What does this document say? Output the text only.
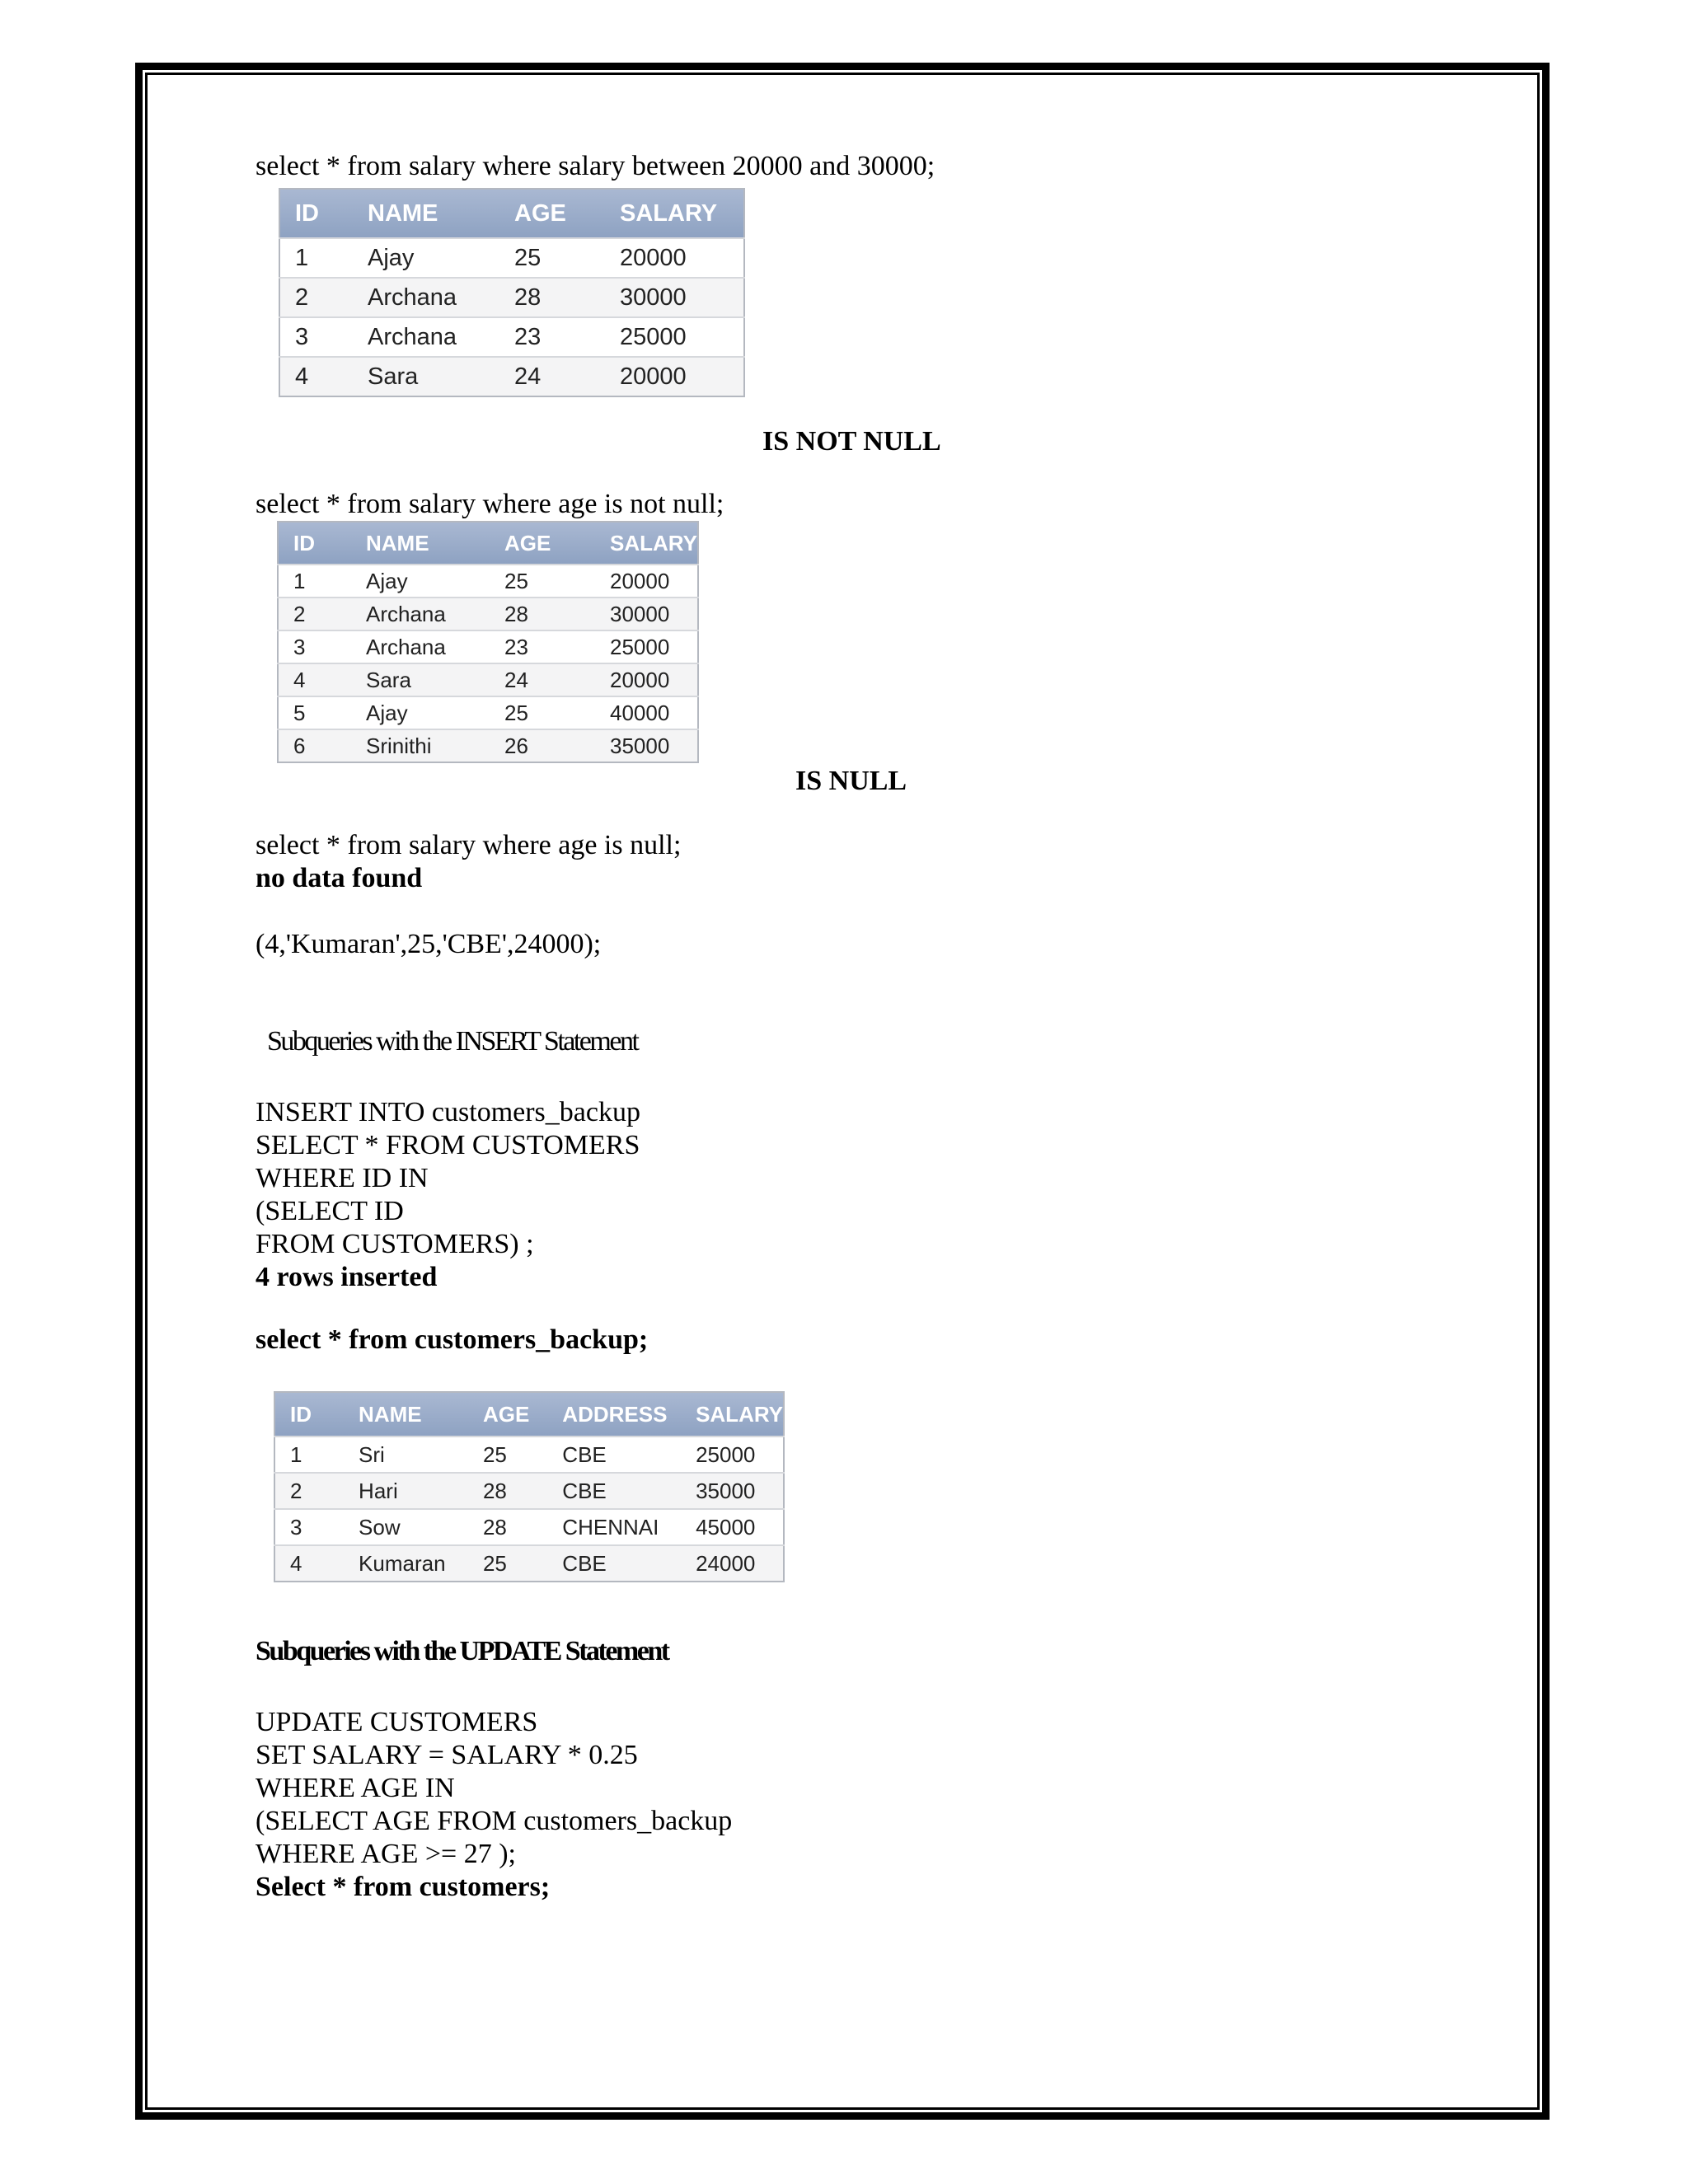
select * from salary where salary between 20000 and 30000;
ID	NAME	AGE	SALARY
1	Ajay	25	20000
2	Archana	28	30000
3	Archana	23	25000
4	Sara	24	20000
IS NOT NULL
select * from salary where age is not null;
ID	NAME	AGE	SALARY
1	Ajay	25	20000
2	Archana	28	30000
3	Archana	23	25000
4	Sara	24	20000
5	Ajay	25	40000
6	Srinithi	26	35000
IS NULL
select * from salary where age is null;
no data found
(4,'Kumaran',25,'CBE',24000);
Subqueries with the INSERT Statement
INSERT INTO customers_backup
SELECT * FROM CUSTOMERS
WHERE ID IN
(SELECT ID
FROM CUSTOMERS) ;
4 rows inserted
select * from customers_backup;
ID	NAME	AGE	ADDRESS	SALARY
1	Sri	25	CBE	25000
2	Hari	28	CBE	35000
3	Sow	28	CHENNAI	45000
4	Kumaran	25	CBE	24000
Subqueries with the UPDATE Statement
UPDATE CUSTOMERS
SET SALARY = SALARY * 0.25
WHERE AGE IN
(SELECT AGE FROM customers_backup
WHERE AGE >= 27 );
Select * from customers;
